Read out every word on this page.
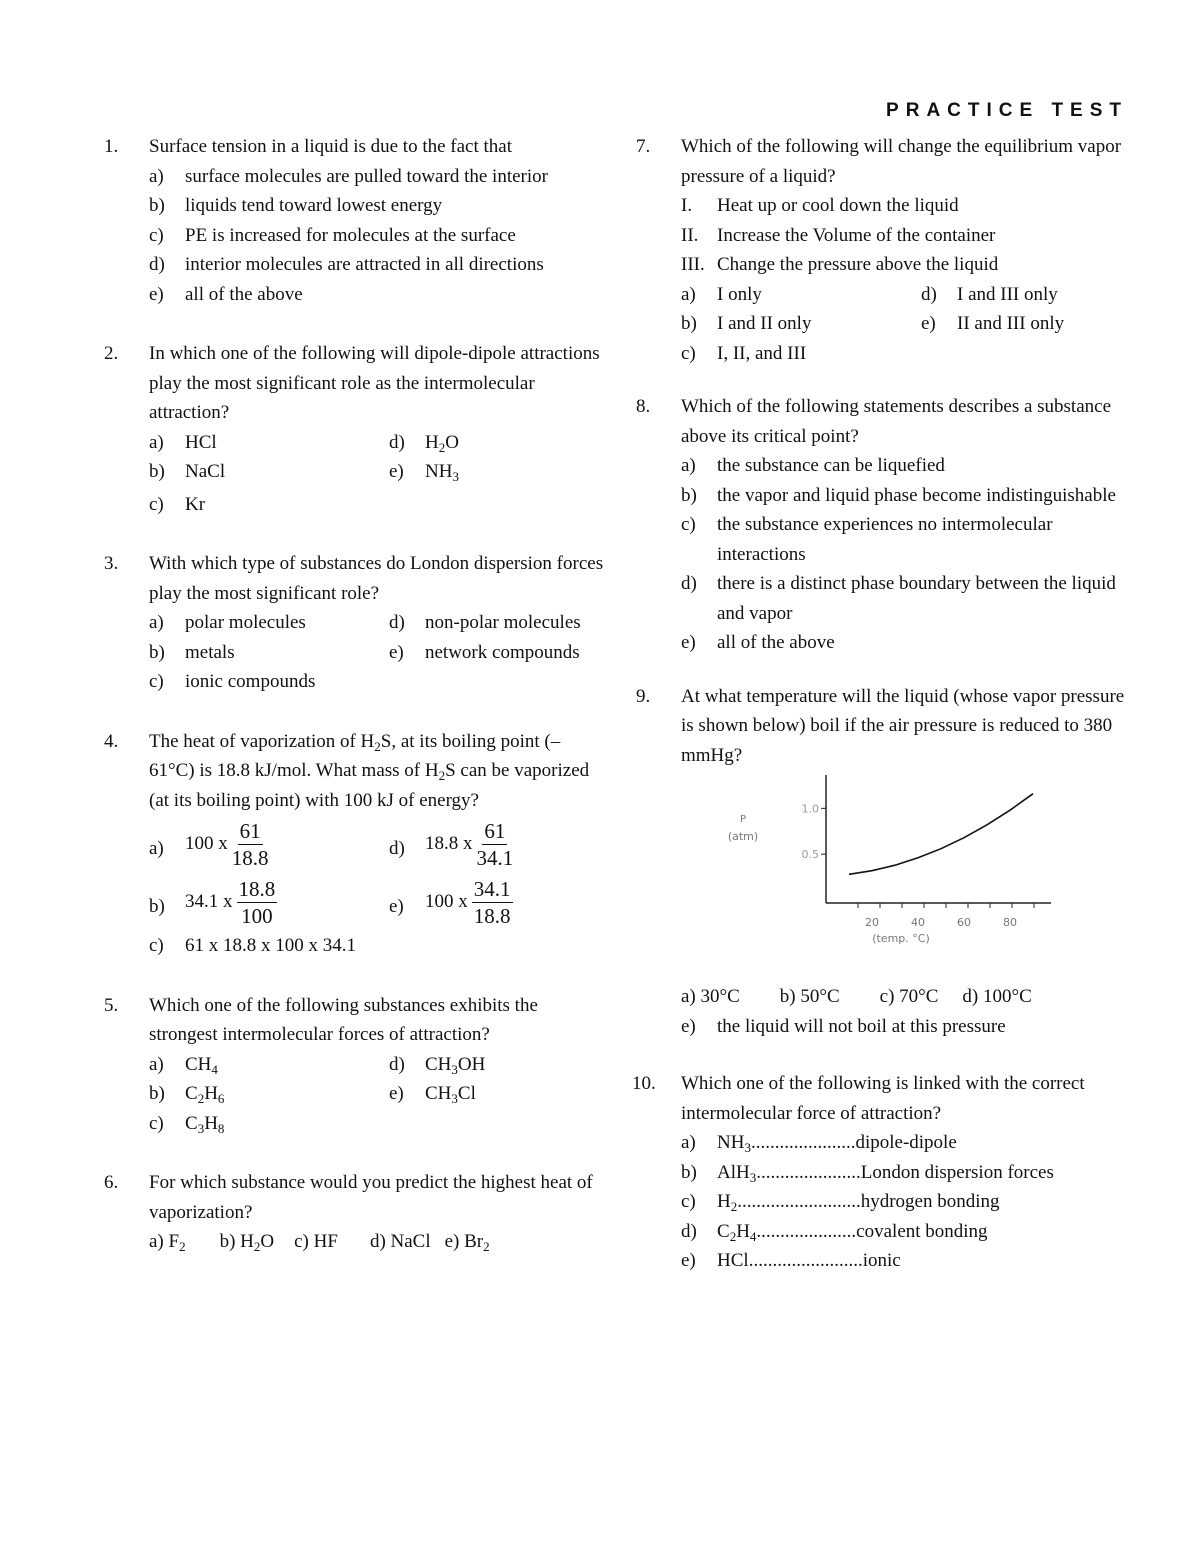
PRACTICE TEST
1. Surface tension in a liquid is due to the fact that
a) surface molecules are pulled toward the interior
b) liquids tend toward lowest energy
c) PE is increased for molecules at the surface
d) interior molecules are attracted in all directions
e) all of the above
2. In which one of the following will dipole-dipole attractions play the most significant role as the intermolecular attraction?
a) HCl	d) $H_2O$
b) NaCl	e) $NH_3$
c) Kr
3. With which type of substances do London dispersion forces play the most significant role?
a) polar molecules	d) non-polar molecules
b) metals	e) network compounds
c) ionic compounds
4. The heat of vaporization of $H_2S$, at its boiling point (–61°C) is 18.8 kJ/mol. What mass of $H_2S$ can be vaporized (at its boiling point) with 100 kJ of energy?
a) 100 x $\frac{61}{18.8}$	d) 18.8 x $\frac{61}{34.1}$
b) 34.1 x $\frac{18.8}{100}$	e) 100 x $\frac{34.1}{18.8}$
c) 61 x 18.8 x 100 x 34.1
5. Which one of the following substances exhibits the strongest intermolecular forces of attraction?
a) $CH_4$	d) $CH_3OH$
b) $C_2H_6$	e) $CH_3Cl$
c) $C_3H_8$
6. For which substance would you predict the highest heat of vaporization?
a) $F_2$ b) $H_2O$ c) HF d) NaCl e) $Br_2$
7. Which of the following will change the equilibrium vapor pressure of a liquid?
I. Heat up or cool down the liquid
II. Increase the Volume of the container
III. Change the pressure above the liquid
a) I only	d) I and III only
b) I and II only	e) II and III only
c) I, II, and III
8. Which of the following statements describes a substance above its critical point?
a) the substance can be liquefied
b) the vapor and liquid phase become indistinguishable
c) the substance experiences no intermolecular interactions
d) there is a distinct phase boundary between the liquid and vapor
e) all of the above
9. At what temperature will the liquid (whose vapor pressure is shown below) boil if the air pressure is reduced to 380 mmHg?
20	40	60	80
0.5
1.0
P
(atm)
(temp. °C)
a) 30°C b) 50°C c) 70°C d) 100°C
e) the liquid will not boil at this pressure
10. Which one of the following is linked with the correct intermolecular force of attraction?
a) $NH_3......................dipole$-dipole
b) AlH$_3$......................London dispersion forces
c) $H_2..........................hydrogen$ bonding
d) $C_2H_4.....................covalent$ bonding
e) HCl........................ionic
